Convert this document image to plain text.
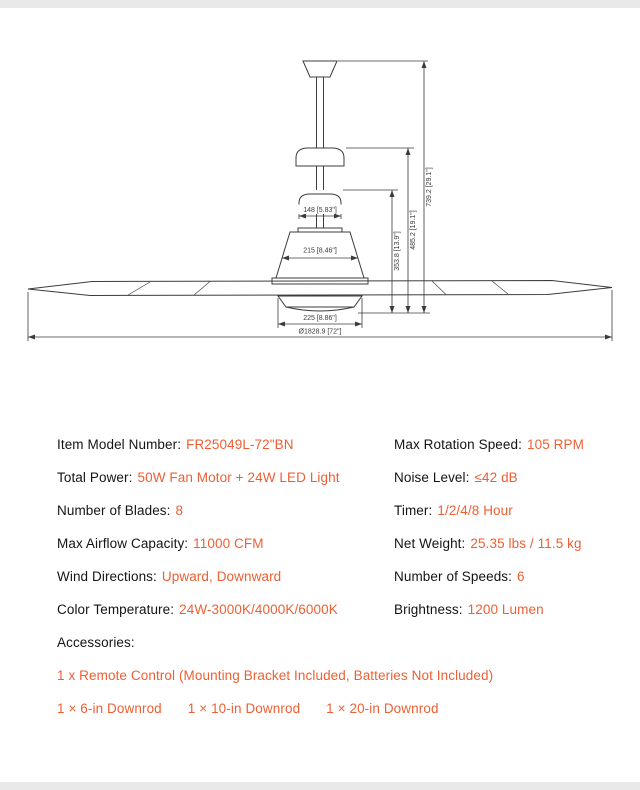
148 [5.83"]
215 [8.46"]
225 [8.86"]
Ø1828.9 [72"]
353.8 [13.9"]
485.2 [19.1"]
739.2 [29.1"]
Item Model Number: FR25049L-72"BN
Total Power: 50W Fan Motor + 24W LED Light
Number of Blades: 8
Max Airflow Capacity: 11000 CFM
Wind Directions: Upward, Downward
Color Temperature: 24W-3000K/4000K/6000K
Accessories:
Max Rotation Speed: 105 RPM
Noise Level: ≤42 dB
Timer: 1/2/4/8 Hour
Net Weight: 25.35 lbs / 11.5 kg
Number of Speeds: 6
Brightness: 1200 Lumen
1 x Remote Control (Mounting Bracket Included, Batteries Not Included)
1 × 6-in Downrod 1 × 10-in Downrod 1 × 20-in Downrod
